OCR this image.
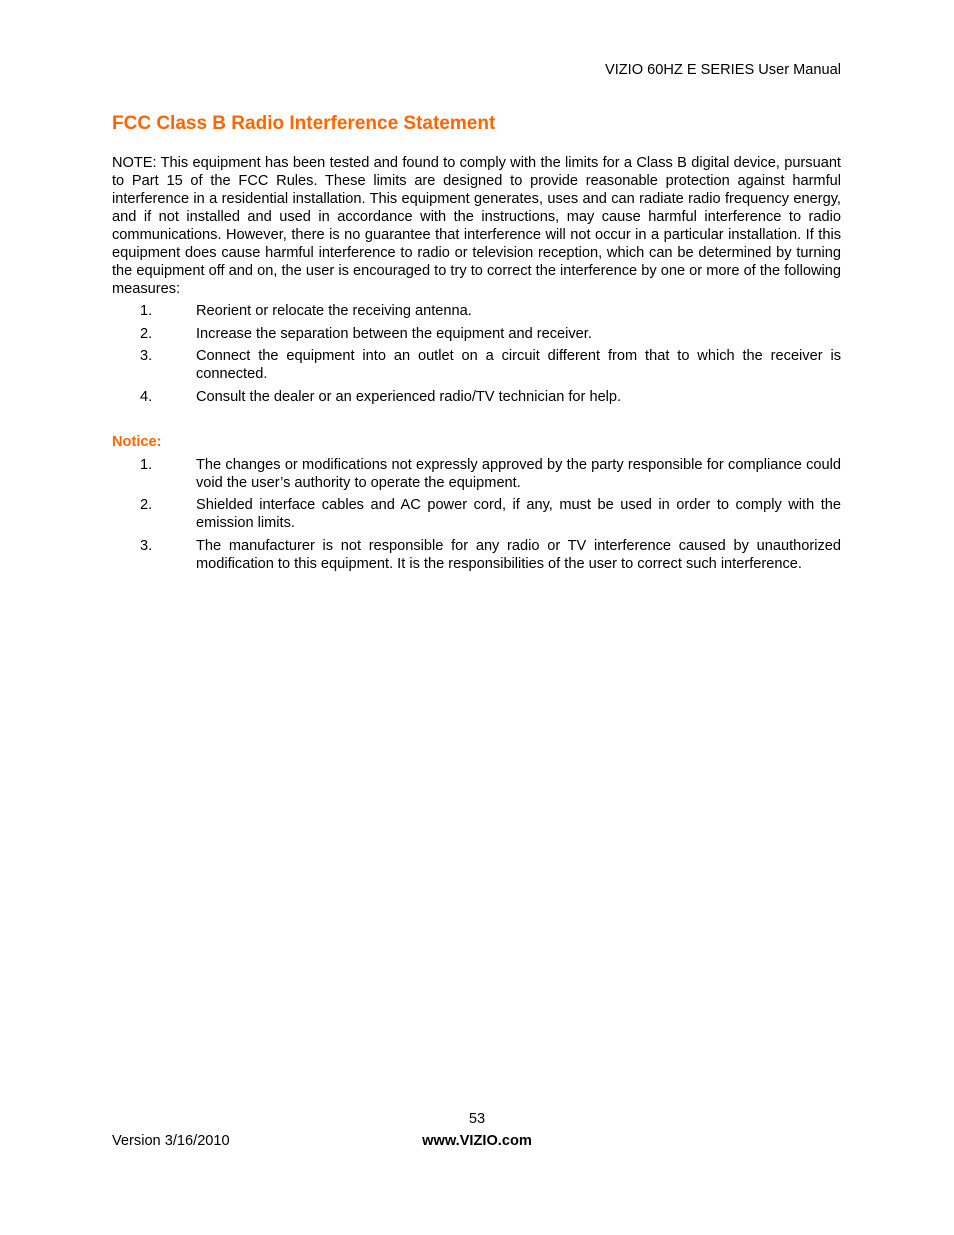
VIZIO 60HZ E SERIES User Manual
FCC Class B Radio Interference Statement
NOTE: This equipment has been tested and found to comply with the limits for a Class B digital device, pursuant to Part 15 of the FCC Rules. These limits are designed to provide reasonable protection against harmful interference in a residential installation. This equipment generates, uses and can radiate radio frequency energy, and if not installed and used in accordance with the instructions, may cause harmful interference to radio communications. However, there is no guarantee that interference will not occur in a particular installation. If this equipment does cause harmful interference to radio or television reception, which can be determined by turning the equipment off and on, the user is encouraged to try to correct the interference by one or more of the following measures:
1.	Reorient or relocate the receiving antenna.
2.	Increase the separation between the equipment and receiver.
3.	Connect the equipment into an outlet on a circuit different from that to which the receiver is connected.
4.	Consult the dealer or an experienced radio/TV technician for help.
Notice:
1.	The changes or modifications not expressly approved by the party responsible for compliance could void the user’s authority to operate the equipment.
2.	Shielded interface cables and AC power cord, if any, must be used in order to comply with the emission limits.
3.	The manufacturer is not responsible for any radio or TV interference caused by unauthorized modification to this equipment. It is the responsibilities of the user to correct such interference.
53
Version 3/16/2010	www.VIZIO.com
